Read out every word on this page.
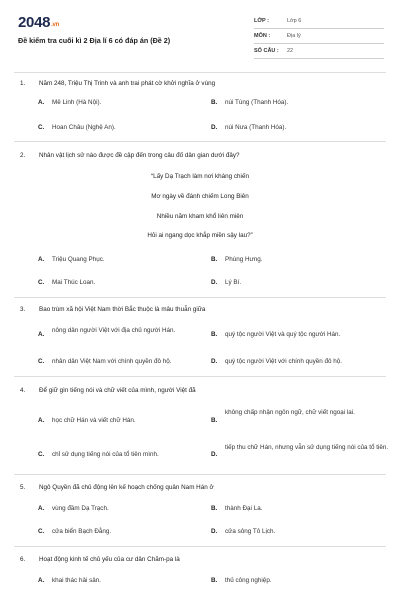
2048.vn
Đề kiểm tra cuối kì 2 Địa lí 6 có đáp án (Đề 2)
LỚP :	Lớp 6
MÔN :	Địa lý
SỐ CÂU :	22
1.	Năm 248, Triệu Thị Trinh và anh trai phát cờ khởi nghĩa ở vùng
A.	Mê Linh (Hà Nội).	B.	núi Tùng (Thanh Hóa).
C.	Hoan Châu (Nghệ An).	D.	núi Nưa (Thanh Hóa).
2.	Nhân vật lịch sử nào được đề cập đến trong câu đố dân gian dưới đây?
“Lấy Dạ Trạch làm nơi kháng chiến
Mơ ngày về đánh chiếm Long Biên
Nhiều năm kham khổ liên miên
Hỏi ai ngang dọc khắp miền sậy lau?”
A.	Triệu Quang Phục.	B.	Phùng Hưng.
C.	Mai Thúc Loan.	D.	Lý Bí.
3.	Bao trùm xã hội Việt Nam thời Bắc thuộc là mâu thuẫn giữa
A.
nông dân người Việt với địa chủ người Hán.
B.	quý tộc người Việt và quý tộc người Hán.
C.	nhân dân Việt Nam với chính quyền đô hộ.	D.	quý tộc người Việt với chính quyền đô hộ.
4.	Để giữ gìn tiếng nói và chữ viết của mình, người Việt đã
A.	học chữ Hán và viết chữ Hán.	B.
không chấp nhận ngôn ngữ, chữ viết ngoại lai.
C.	chỉ sử dụng tiếng nói của tổ tiên mình.	D.
tiếp thu chữ Hán, nhưng vẫn sử dụng tiếng nói của tổ tiên.
5.	Ngô Quyền đã chủ động lên kế hoạch chống quân Nam Hán ở
A.	vùng đầm Dạ Trạch.	B.	thành Đại La.
C.	cửa biển Bạch Đằng.	D.	cửa sông Tô Lịch.
6.	Hoạt động kinh tế chủ yếu của cư dân Chăm-pa là
A.	khai thác hải sản.	B.	thủ công nghiệp.
